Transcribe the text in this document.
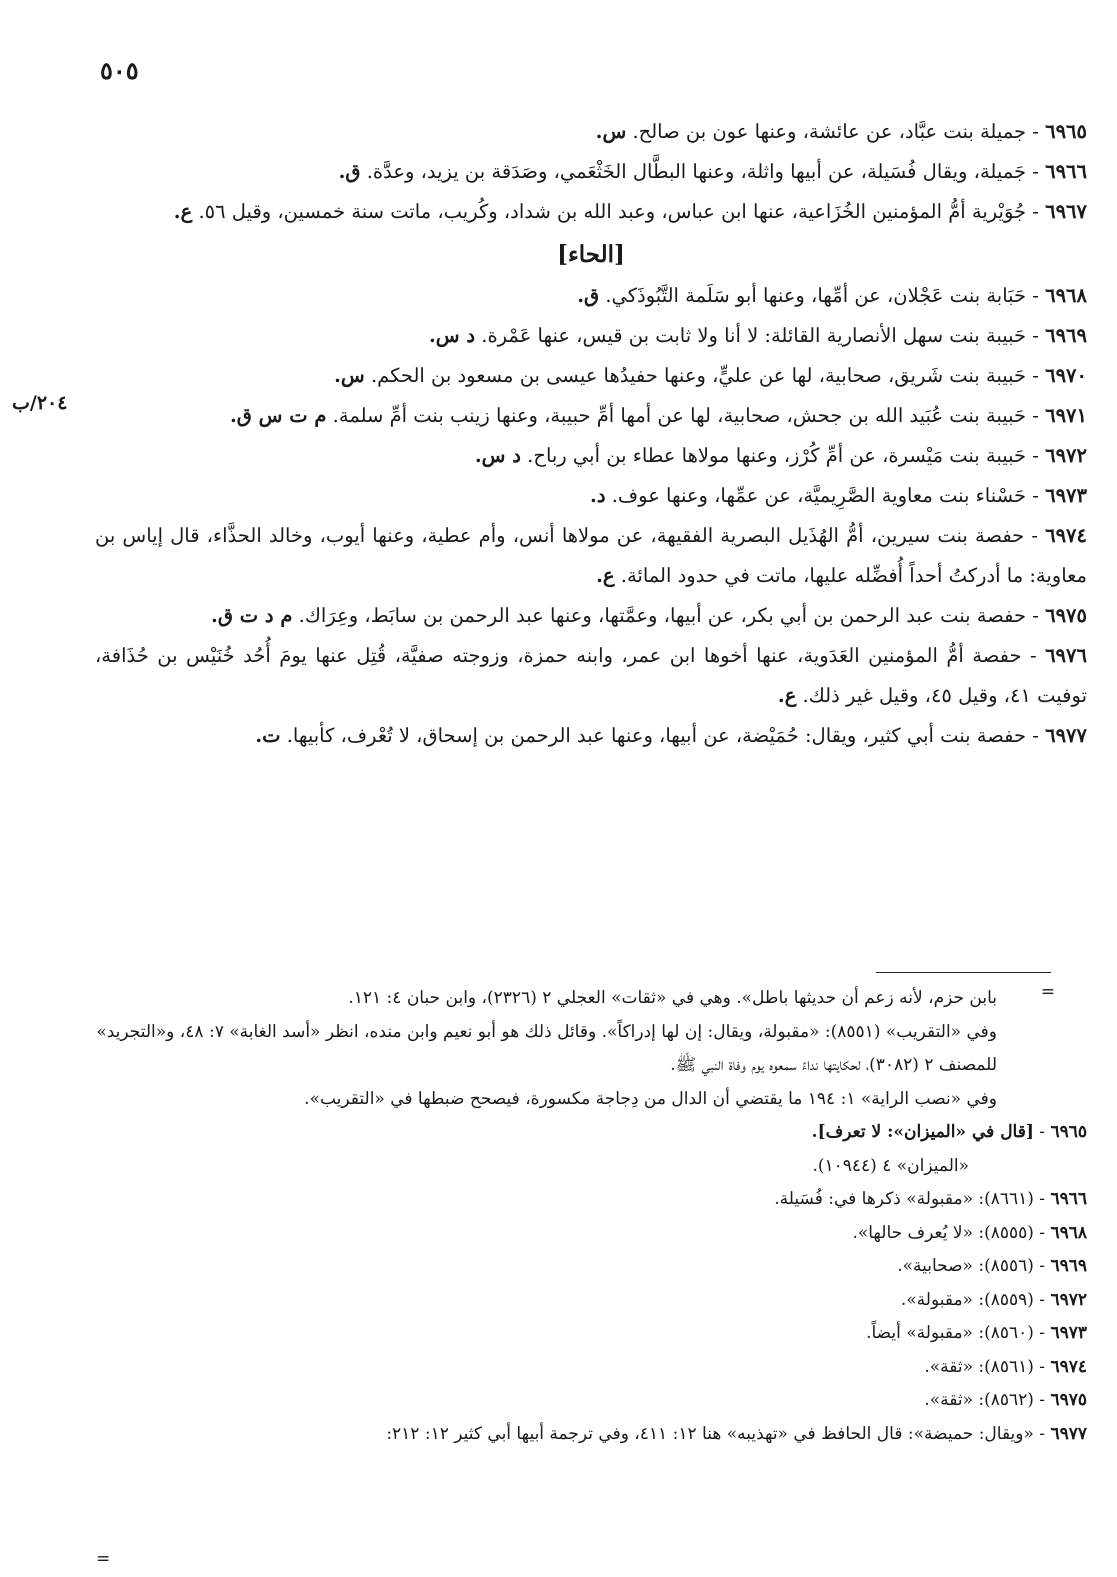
٥٠٥
٢٠٤/ب
٦٩٦٥ - جميلة بنت عبَّاد، عن عائشة، وعنها عون بن صالح. س.
٦٩٦٦ - جَميلة، ويقال فُسَيلة، عن أبيها واثلة، وعنها البطَّال الخَثْعَمي، وصَدَقة بن يزيد، وعدَّة. ق.
٦٩٦٧ - جُوَيْرية أمُّ المؤمنين الخُزَاعية، عنها ابن عباس، وعبد الله بن شداد، وكُريب، ماتت سنة خمسين، وقيل ٥٦. ع.
[الحاء]
٦٩٦٨ - حَبَابة بنت عَجْلان، عن أمِّها، وعنها أبو سَلَمة التَّبُوذَكي. ق.
٦٩٦٩ - حَبيبة بنت سهل الأنصارية القائلة: لا أنا ولا ثابت بن قيس، عنها عَمْرة. د س.
٦٩٧٠ - حَبيبة بنت شَريق، صحابية، لها عن عليٍّ، وعنها حفيدُها عيسى بن مسعود بن الحكم. س.
٦٩٧١ - حَبيبة بنت عُبَيد الله بن جحش، صحابية، لها عن أمها أمِّ حبيبة، وعنها زينب بنت أمِّ سلمة. م ت س ق.
٦٩٧٢ - حَبيبة بنت مَيْسرة، عن أمِّ كُرْز، وعنها مولاها عطاء بن أبي رباح. د س.
٦٩٧٣ - حَسْناء بنت معاوية الصَّرِيميَّة، عن عمِّها، وعنها عوف. د.
٦٩٧٤ - حفصة بنت سيرين، أمُّ الهُذَيل البصرية الفقيهة، عن مولاها أنس، وأم عطية، وعنها أيوب، وخالد الحذَّاء، قال إياس بن معاوية: ما أدركتُ أحداً أُفضِّله عليها، ماتت في حدود المائة. ع.
٦٩٧٥ - حفصة بنت عبد الرحمن بن أبي بكر، عن أبيها، وعمَّتها، وعنها عبد الرحمن بن سابَط، وعِرَاك. م د ت ق.
٦٩٧٦ - حفصة أمُّ المؤمنين العَدَوية، عنها أخوها ابن عمر، وابنه حمزة، وزوجته صفيَّة، قُتِل عنها يومَ أُحُد خُنَيْس بن حُذَافة، توفيت ٤١، وقيل ٤٥، وقيل غير ذلك. ع.
٦٩٧٧ - حفصة بنت أبي كثير، ويقال: حُمَيْضة، عن أبيها، وعنها عبد الرحمن بن إسحاق، لا تُعْرف، كأبيها. ت.
=
بابن حزم، لأنه زعم أن حديثها باطل». وهي في «ثقات» العجلي ٢ (٢٣٢٦)، وابن حبان ٤: ١٢١.
وفي «التقريب» (٨٥٥١): «مقبولة، ويقال: إن لها إدراكاً». وقائل ذلك هو أبو نعيم وابن منده، انظر «أسد الغابة» ٧: ٤٨، و«التجريد» للمصنف ٢ (٣٠٨٢)، لحكايتها نداءً سمعوه يوم وفاة النبي ﷺ.
وفي «نصب الراية» ١: ١٩٤ ما يقتضي أن الدال من دِجاجة مكسورة، فيصحح ضبطها في «التقريب».
٦٩٦٥ - [قال في «الميزان»: لا تعرف].
«الميزان» ٤ (١٠٩٤٤).
٦٩٦٦ - (٨٦٦١): «مقبولة» ذكرها في: فُسَيلة.
٦٩٦٨ - (٨٥٥٥): «لا يُعرف حالها».
٦٩٦٩ - (٨٥٥٦): «صحابية».
٦٩٧٢ - (٨٥٥٩): «مقبولة».
٦٩٧٣ - (٨٥٦٠): «مقبولة» أيضاً.
٦٩٧٤ - (٨٥٦١): «ثقة».
٦٩٧٥ - (٨٥٦٢): «ثقة».
٦٩٧٧ - «ويقال: حميضة»: قال الحافظ في «تهذيبه» هنا ١٢: ٤١١، وفي ترجمة أبيها أبي كثير ١٢: ٢١٢:
=
